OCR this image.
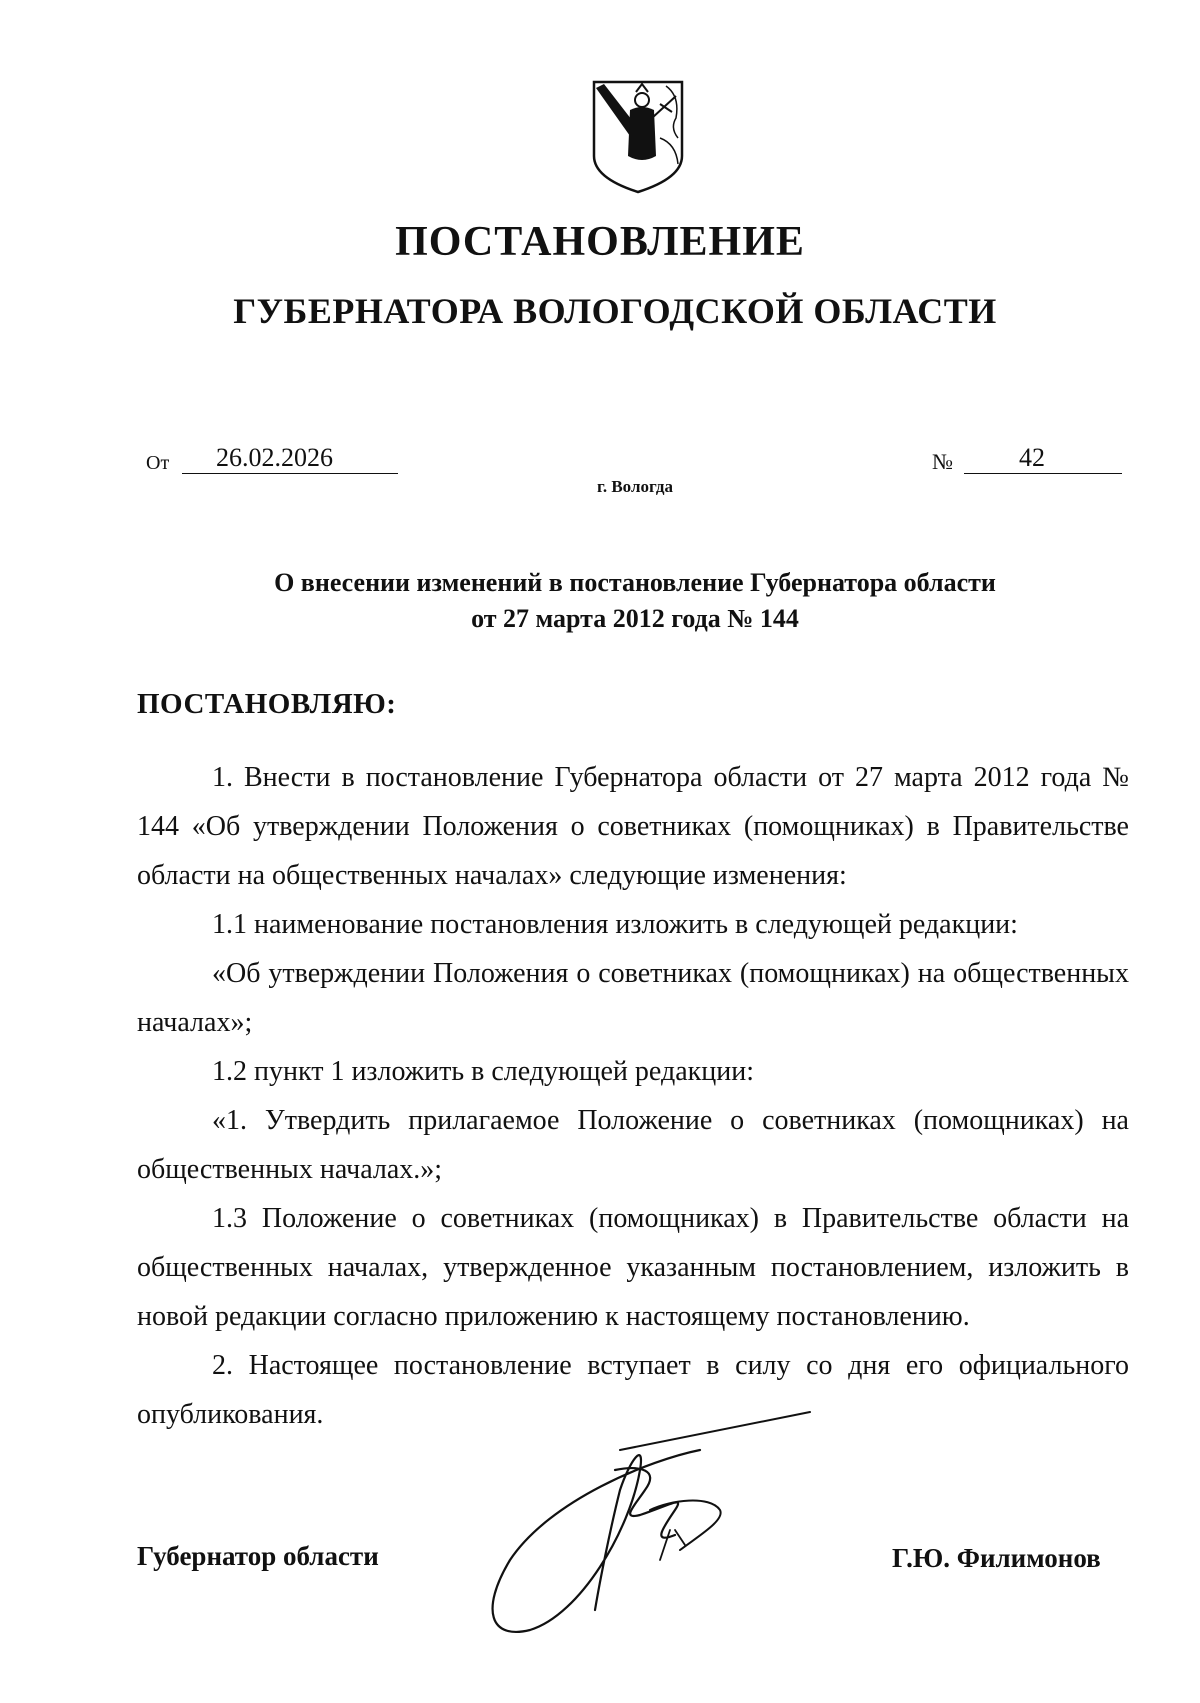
ПОСТАНОВЛЕНИЕ
ГУБЕРНАТОРА ВОЛОГОДСКОЙ ОБЛАСТИ
От	26.02.2026	№	42
г. Вологда
О внесении изменений в постановление Губернатора области
от 27 марта 2012 года № 144
ПОСТАНОВЛЯЮ:

1. Внести в постановление Губернатора области от 27 марта 2012 года № 144 «Об утверждении Положения о советниках (помощниках) в Правительстве области на общественных началах» следующие изменения:

1.1 наименование постановления изложить в следующей редакции:

«Об утверждении Положения о советниках (помощниках) на общественных началах»;

1.2 пункт 1 изложить в следующей редакции:

«1. Утвердить прилагаемое Положение о советниках (помощниках) на общественных началах.»;

1.3 Положение о советниках (помощниках) в Правительстве области на общественных началах, утвержденное указанным постановлением, изложить в новой редакции согласно приложению к настоящему постановлению.

2. Настоящее постановление вступает в силу со дня его официального опубликования.

Губернатор области	Г.Ю. Филимонов
